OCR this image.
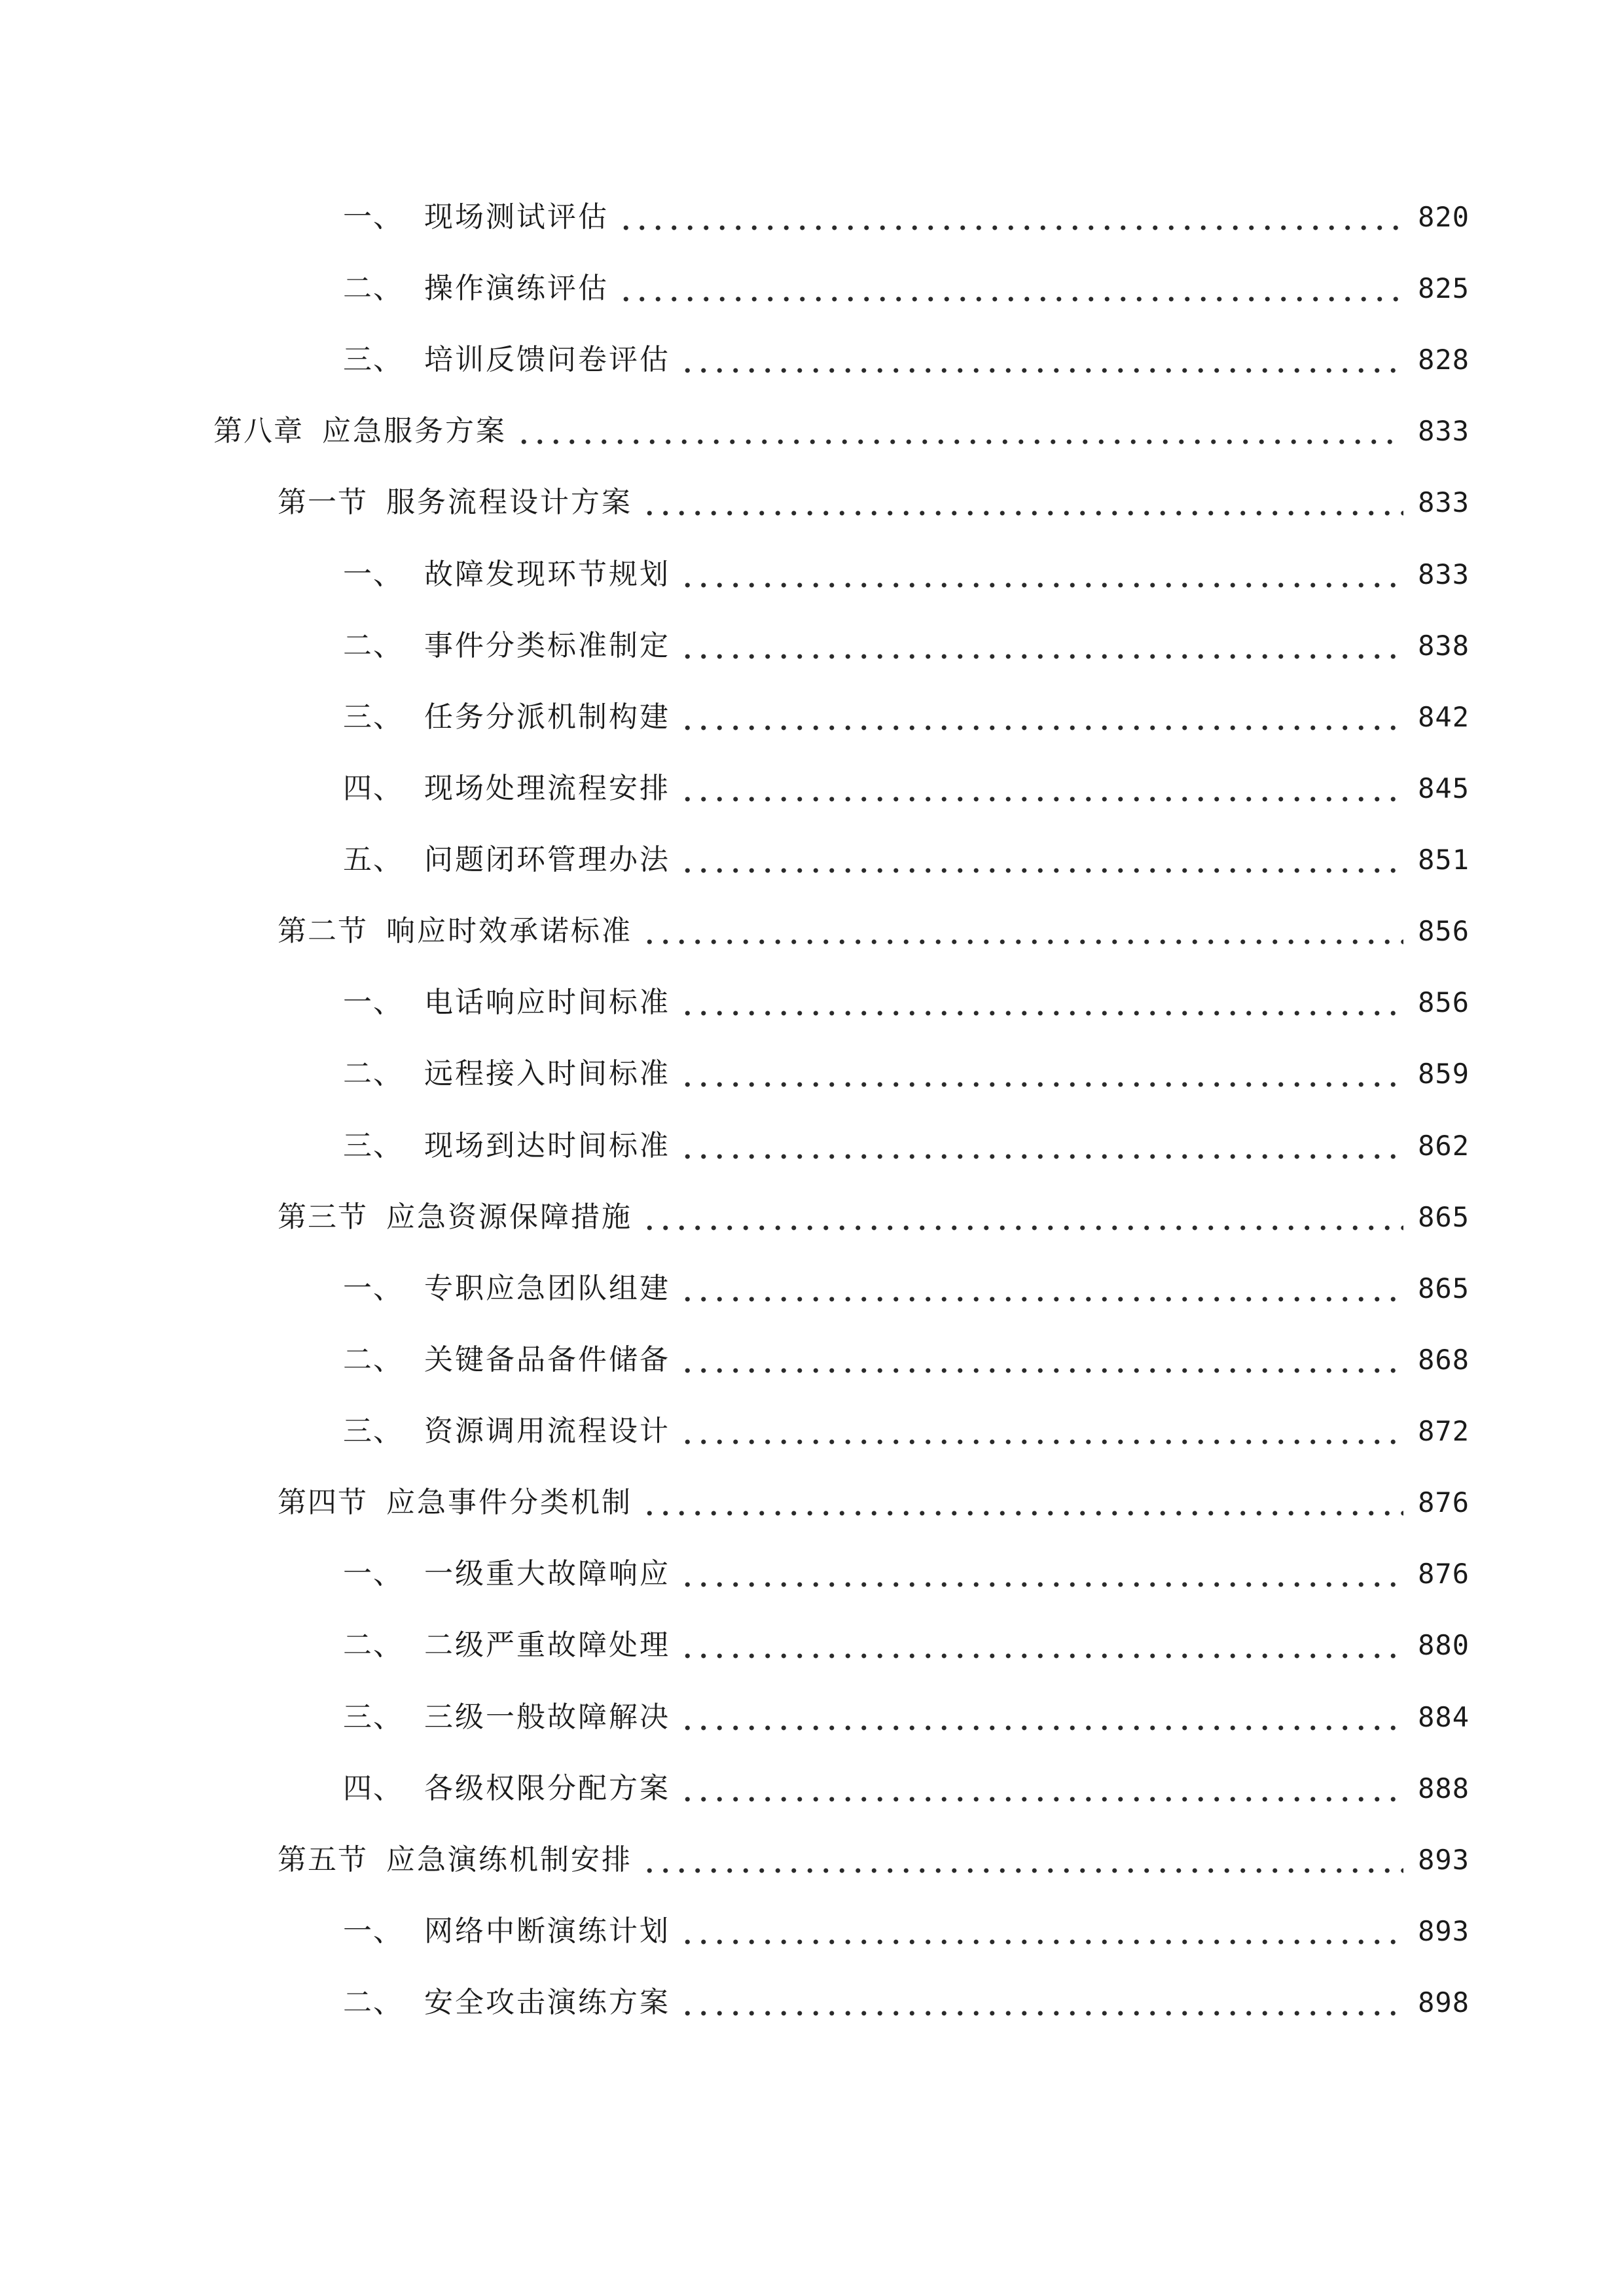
一、 现场测试评估	820
二、 操作演练评估	825
三、 培训反馈问卷评估	828
第八章 应急服务方案	833
第一节 服务流程设计方案	833
一、 故障发现环节规划	833
二、 事件分类标准制定	838
三、 任务分派机制构建	842
四、 现场处理流程安排	845
五、 问题闭环管理办法	851
第二节 响应时效承诺标准	856
一、 电话响应时间标准	856
二、 远程接入时间标准	859
三、 现场到达时间标准	862
第三节 应急资源保障措施	865
一、 专职应急团队组建	865
二、 关键备品备件储备	868
三、 资源调用流程设计	872
第四节 应急事件分类机制	876
一、 一级重大故障响应	876
二、 二级严重故障处理	880
三、 三级一般故障解决	884
四、 各级权限分配方案	888
第五节 应急演练机制安排	893
一、 网络中断演练计划	893
二、 安全攻击演练方案	898
